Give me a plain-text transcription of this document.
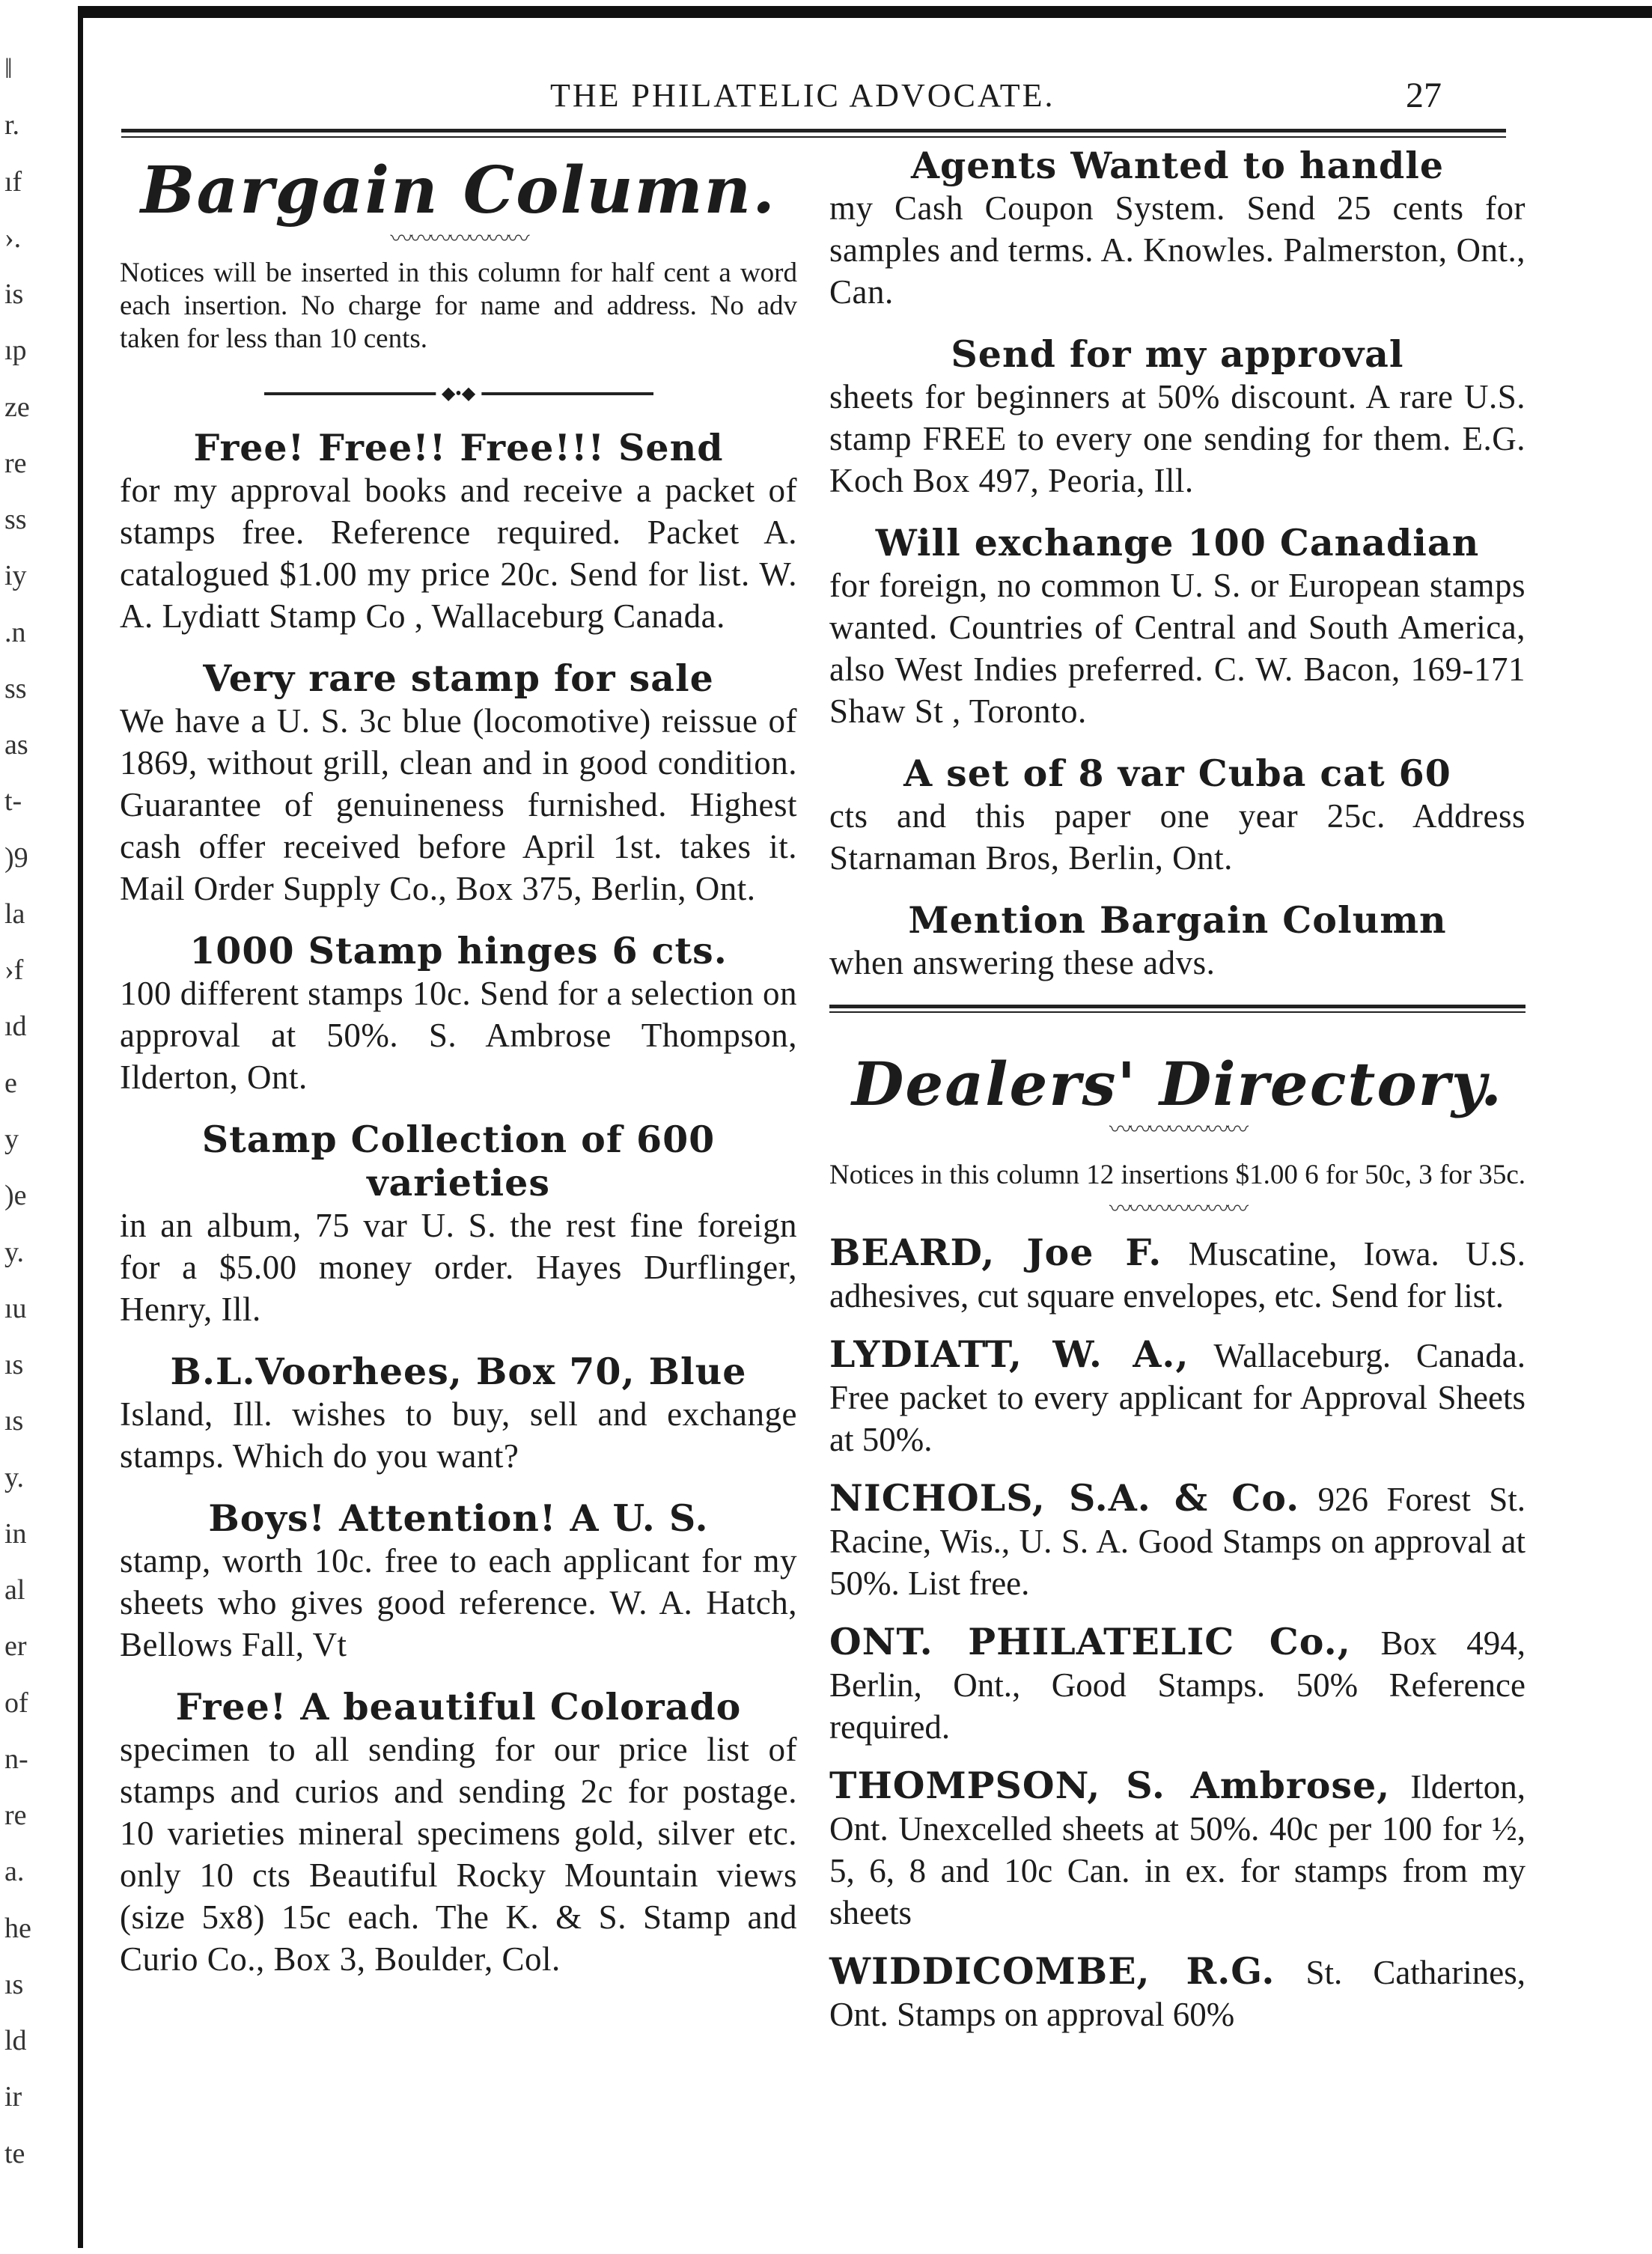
‖
r.
ıf
›.
is
ıp
ze
re
ss
iy
.n
ss
as
t-
)9
la
›f
ıd
e
y
)e
y.
ıu
ıs
ıs
y.
in
al
er
of
n-
re
a.
he
ıs
ld
ir
te
THE PHILATELIC ADVOCATE.	27
Bargain Column.
〰〰〰〰〰〰〰

Notices will be inserted in this column for half cent a word each insertion. No charge for name and address. No adv taken for less than 10 cents.

◆•◆
Free! Free!! Free!!! Send

for my approval books and receive a packet of stamps free. Reference required. Packet A. catalogued $1.00 my price 20c. Send for list. W. A. Lydiatt Stamp Co , Wallaceburg Canada.

Very rare stamp for sale

We have a U. S. 3c blue (locomotive) reissue of 1869, without grill, clean and in good condition. Guarantee of genuineness furnished. Highest cash offer received before April 1st. takes it. Mail Order Supply Co., Box 375, Berlin, Ont.

1000 Stamp hinges 6 cts.

100 different stamps 10c. Send for a selection on approval at 50%. S. Ambrose Thompson, Ilderton, Ont.

Stamp Collection of 600 varieties

in an album, 75 var U. S. the rest fine foreign for a $5.00 money order. Hayes Durflinger, Henry, Ill.

B.L.Voorhees, Box 70, Blue

Island, Ill. wishes to buy, sell and exchange stamps. Which do you want?

Boys! Attention! A U. S.

stamp, worth 10c. free to each applicant for my sheets who gives good reference. W. A. Hatch, Bellows Fall, Vt

Free! A beautiful Colorado

specimen to all sending for our price list of stamps and curios and sending 2c for postage. 10 varieties mineral specimens gold, silver etc. only 10 cts Beautiful Rocky Mountain views (size 5x8) 15c each. The K. & S. Stamp and Curio Co., Box 3, Boulder, Col.

Agents Wanted to handle

my Cash Coupon System. Send 25 cents for samples and terms. A. Knowles. Palmerston, Ont., Can.

Send for my approval

sheets for beginners at 50% discount. A rare U.S. stamp FREE to every one sending for them. E.G. Koch Box 497, Peoria, Ill.

Will exchange 100 Canadian

for foreign, no common U. S. or European stamps wanted. Countries of Central and South America, also West Indies preferred. C. W. Bacon, 169-171 Shaw St , Toronto.

A set of 8 var Cuba cat 60

cts and this paper one year 25c. Address Starnaman Bros, Berlin, Ont.

Mention Bargain Column

when answering these advs.

Dealers' Directory.
〰〰〰〰〰〰〰

Notices in this column 12 insertions $1.00 6 for 50c, 3 for 35c.

〰〰〰〰〰〰〰

BEARD, Joe F. Muscatine, Iowa. U.S. adhesives, cut square envelopes, etc. Send for list.

LYDIATT, W. A., Wallaceburg. Canada. Free packet to every applicant for Approval Sheets at 50%.

NICHOLS, S.A. & Co. 926 Forest St. Racine, Wis., U. S. A. Good Stamps on approval at 50%. List free.

ONT. PHILATELIC Co., Box 494, Berlin, Ont., Good Stamps. 50% Reference required.

THOMPSON, S. Ambrose, Ilderton, Ont. Unexcelled sheets at 50%. 40c per 100 for ½, 5, 6, 8 and 10c Can. in ex. for stamps from my sheets

WIDDICOMBE, R.G. St. Catharines, Ont. Stamps on approval 60%
